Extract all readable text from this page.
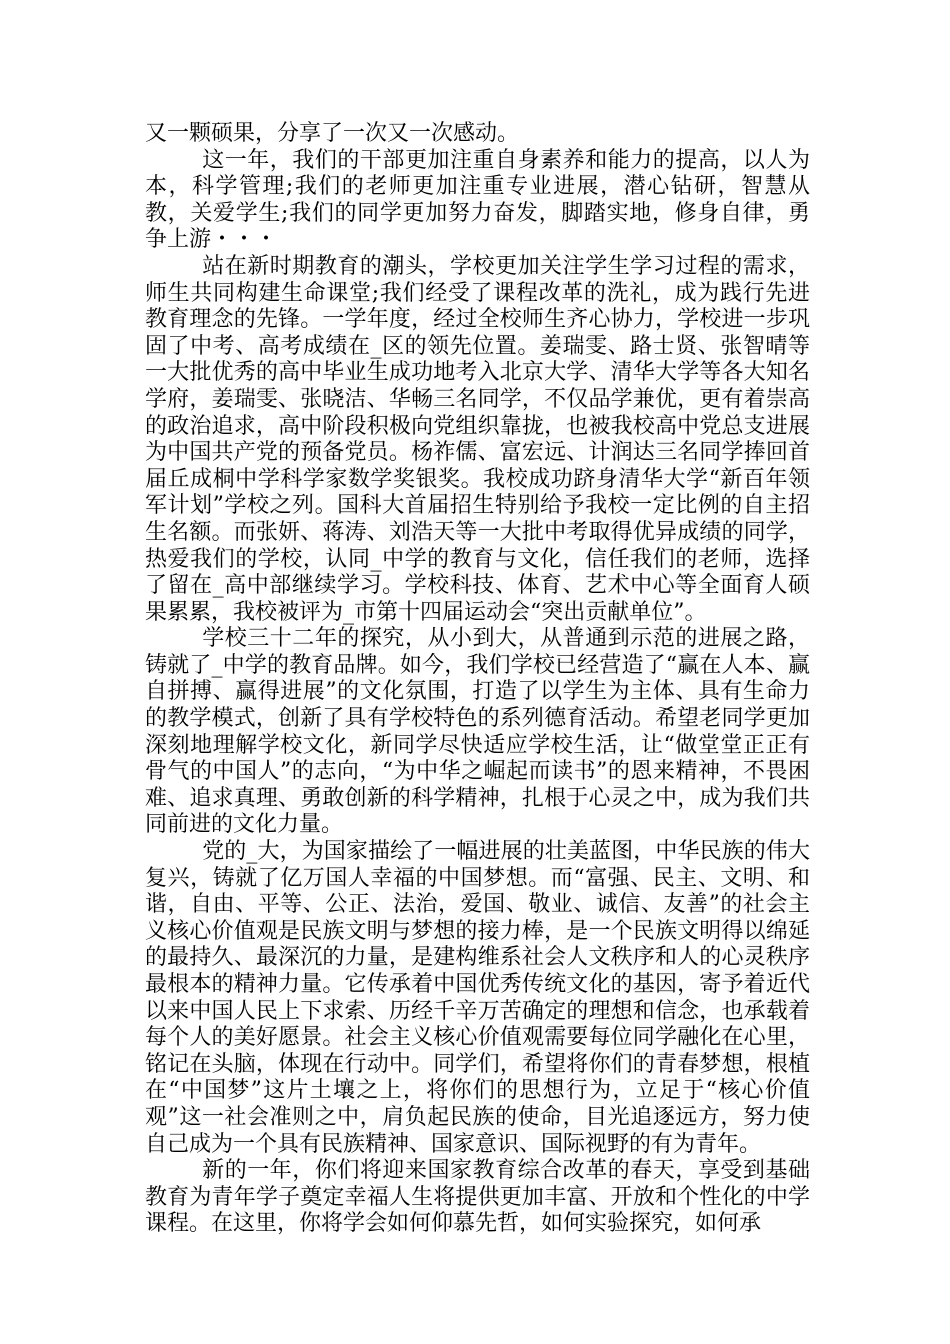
又一颗硕果，分享了一次又一次感动。

这一年，我们的干部更加注重自身素养和能力的提高，以人为本，科学管理;我们的老师更加注重专业进展，潜心钻研，智慧从教，关爱学生;我们的同学更加努力奋发，脚踏实地，修身自律，勇争上游・・・

站在新时期教育的潮头，学校更加关注学生学习过程的需求，师生共同构建生命课堂;我们经受了课程改革的洗礼，成为践行先进教育理念的先锋。一学年度，经过全校师生齐心协力，学校进一步巩固了中考、高考成绩在_区的领先位置。姜瑞雯、路士贤、张智晴等一大批优秀的高中毕业生成功地考入北京大学、清华大学等各大知名学府，姜瑞雯、张晓洁、华畅三名同学，不仅品学兼优，更有着崇高的政治追求，高中阶段积极向党组织靠拢，也被我校高中党总支进展为中国共产党的预备党员。杨祚儒、富宏远、计润达三名同学捧回首届丘成桐中学科学家数学奖银奖。我校成功跻身清华大学“新百年领军计划”学校之列。国科大首届招生特别给予我校一定比例的自主招生名额。而张妍、蒋涛、刘浩天等一大批中考取得优异成绩的同学，热爱我们的学校，认同_中学的教育与文化，信任我们的老师，选择了留在_高中部继续学习。学校科技、体育、艺术中心等全面育人硕果累累，我校被评为_市第十四届运动会“突出贡献单位”。

学校三十二年的探究，从小到大，从普通到示范的进展之路，铸就了_中学的教育品牌。如今，我们学校已经营造了“赢在人本、赢自拼搏、赢得进展”的文化氛围，打造了以学生为主体、具有生命力的教学模式，创新了具有学校特色的系列德育活动。希望老同学更加深刻地理解学校文化，新同学尽快适应学校生活，让“做堂堂正正有骨气的中国人”的志向，“为中华之崛起而读书”的恩来精神，不畏困难、追求真理、勇敢创新的科学精神，扎根于心灵之中，成为我们共同前进的文化力量。

党的_大，为国家描绘了一幅进展的壮美蓝图，中华民族的伟大复兴，铸就了亿万国人幸福的中国梦想。而“富强、民主、文明、和谐，自由、平等、公正、法治，爱国、敬业、诚信、友善”的社会主义核心价值观是民族文明与梦想的接力棒，是一个民族文明得以绵延的最持久、最深沉的力量，是建构维系社会人文秩序和人的心灵秩序最根本的精神力量。它传承着中国优秀传统文化的基因，寄予着近代以来中国人民上下求索、历经千辛万苦确定的理想和信念，也承载着每个人的美好愿景。社会主义核心价值观需要每位同学融化在心里，铭记在头脑，体现在行动中。同学们，希望将你们的青春梦想，根植在“中国梦”这片土壤之上，将你们的思想行为，立足于“核心价值观”这一社会准则之中，肩负起民族的使命，目光追逐远方，努力使自己成为一个具有民族精神、国家意识、国际视野的有为青年。

新的一年，你们将迎来国家教育综合改革的春天，享受到基础教育为青年学子奠定幸福人生将提供更加丰富、开放和个性化的中学课程。在这里，你将学会如何仰慕先哲，如何实验探究，如何承
